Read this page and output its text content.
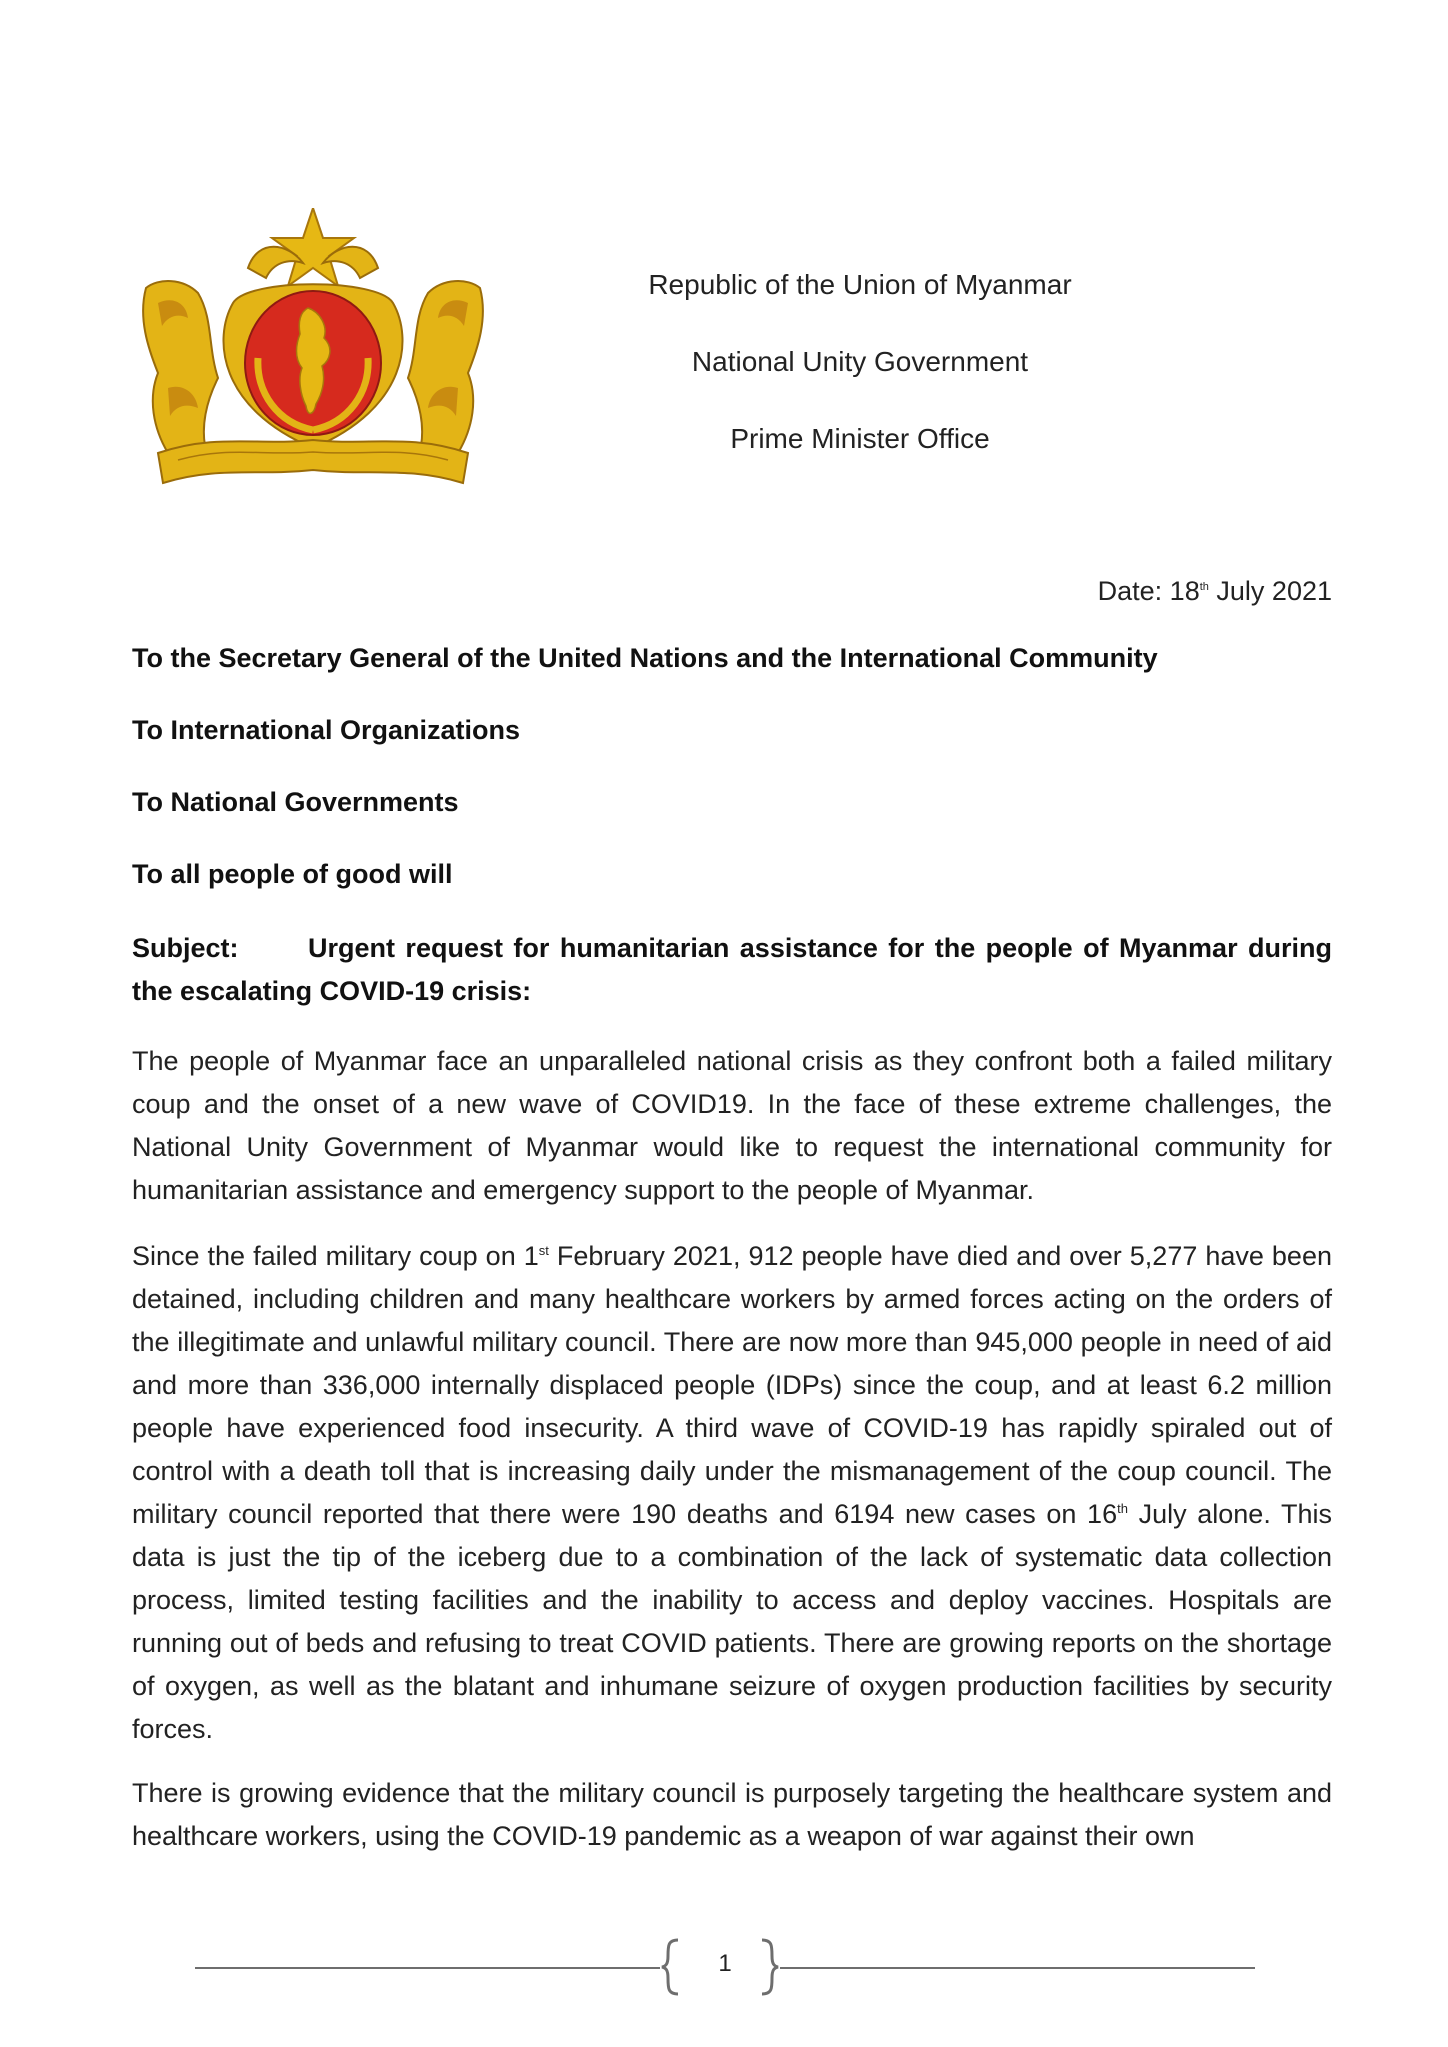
Republic of the Union of Myanmar
National Unity Government
Prime Minister Office
Date: 18th July 2021
To the Secretary General of the United Nations and the International Community
To International Organizations
To National Governments
To all people of good will
Subject:	Urgent request for humanitarian assistance for the people of Myanmar during the escalating COVID-19 crisis:

The people of Myanmar face an unparalleled national crisis as they confront both a failed military coup and the onset of a new wave of COVID19. In the face of these extreme challenges, the National Unity Government of Myanmar would like to request the international community for humanitarian assistance and emergency support to the people of Myanmar.

Since the failed military coup on 1st February 2021, 912 people have died and over 5,277 have been detained, including children and many healthcare workers by armed forces acting on the orders of the illegitimate and unlawful military council. There are now more than 945,000 people in need of aid and more than 336,000 internally displaced people (IDPs) since the coup, and at least 6.2 million people have experienced food insecurity. A third wave of COVID-19 has rapidly spiraled out of control with a death toll that is increasing daily under the mismanagement of the coup council. The military council reported that there were 190 deaths and 6194 new cases on 16th July alone. This data is just the tip of the iceberg due to a combination of the lack of systematic data collection process, limited testing facilities and the inability to access and deploy vaccines. Hospitals are running out of beds and refusing to treat COVID patients. There are growing reports on the shortage of oxygen, as well as the blatant and inhumane seizure of oxygen production facilities by security forces.

There is growing evidence that the military council is purposely targeting the healthcare system and healthcare workers, using the COVID-19 pandemic as a weapon of war against their own

1
